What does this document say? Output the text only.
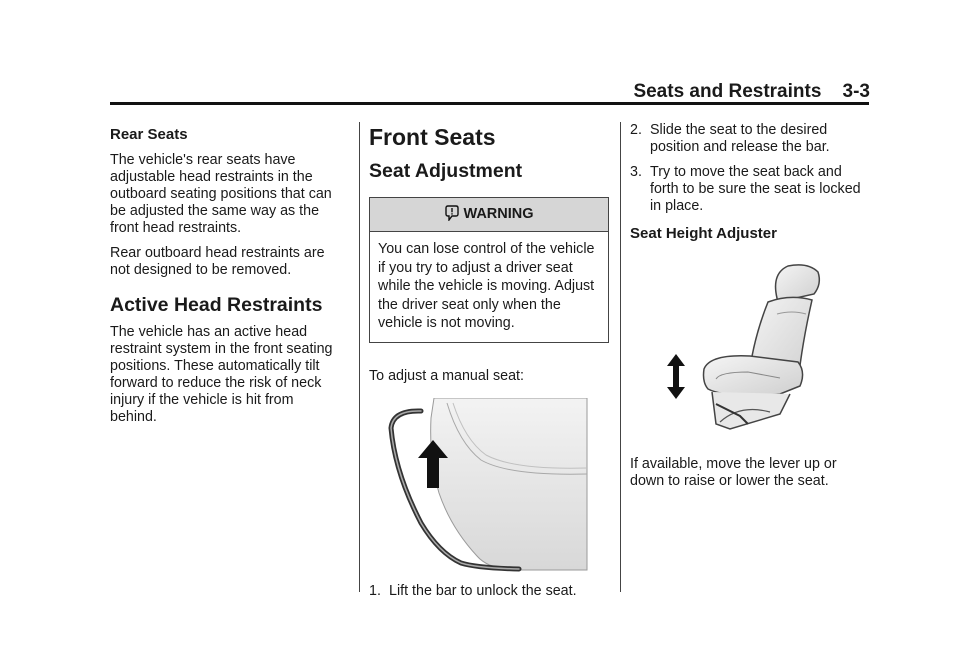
Seats and Restraints 3-3
Rear Seats

The vehicle's rear seats have adjustable head restraints in the outboard seating positions that can be adjusted the same way as the front head restraints.

Rear outboard head restraints are not designed to be removed.

Active Head Restraints

The vehicle has an active head restraint system in the front seating positions. These automatically tilt forward to reduce the risk of neck injury if the vehicle is hit from behind.

Front Seats
Seat Adjustment
WARNING
You can lose control of the vehicle if you try to adjust a driver seat while the vehicle is moving. Adjust the driver seat only when the vehicle is not moving.

To adjust a manual seat:

1. Lift the bar to unlock the seat.
2. Slide the seat to the desired position and release the bar.
3. Try to move the seat back and forth to be sure the seat is locked in place.
Seat Height Adjuster

If available, move the lever up or down to raise or lower the seat.
